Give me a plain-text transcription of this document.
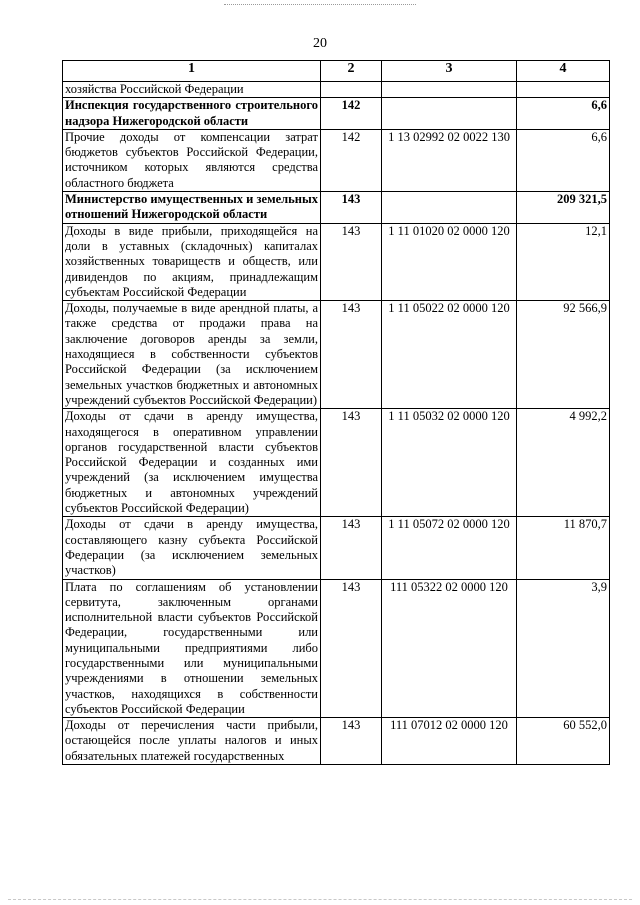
20
1	2	3	4
хозяйства Российской Федерации			
Инспекция государственного строительного надзора Нижегородской области	142		6,6
Прочие доходы от компенсации затрат бюджетов субъектов Российской Федерации, источником которых являются средства областного бюджета	142	1 13 02992 02 0022 130	6,6
Министерство имущественных и земельных отношений Нижегородской области	143		209 321,5
Доходы в виде прибыли, приходящейся на доли в уставных (складочных) капиталах хозяйственных товариществ и обществ, или дивидендов по акциям, принадлежащим субъектам Российской Федерации	143	1 11 01020 02 0000 120	12,1
Доходы, получаемые в виде арендной платы, а также средства от продажи права на заключение договоров аренды за земли, находящиеся в собственности субъектов Российской Федерации (за исключением земельных участков бюджетных и автономных учреждений субъектов Российской Федерации)	143	1 11 05022 02 0000 120	92 566,9
Доходы от сдачи в аренду имущества, находящегося в оперативном управлении органов государственной власти субъектов Российской Федерации и созданных ими учреждений (за исключением имущества бюджетных и автономных учреждений субъектов Российской Федерации)	143	1 11 05032 02 0000 120	4 992,2
Доходы от сдачи в аренду имущества, составляющего казну субъекта Российской Федерации (за исключением земельных участков)	143	1 11 05072 02 0000 120	11 870,7
Плата по соглашениям об установлении сервитута, заключенным органами исполнительной власти субъектов Российской Федерации, государственными или муниципальными предприятиями либо государственными или муниципальными учреждениями в отношении земельных участков, находящихся в собственности субъектов Российской Федерации	143	111 05322 02 0000 120	3,9
Доходы от перечисления части прибыли, остающейся после уплаты налогов и иных обязательных платежей государственных	143	111 07012 02 0000 120	60 552,0
